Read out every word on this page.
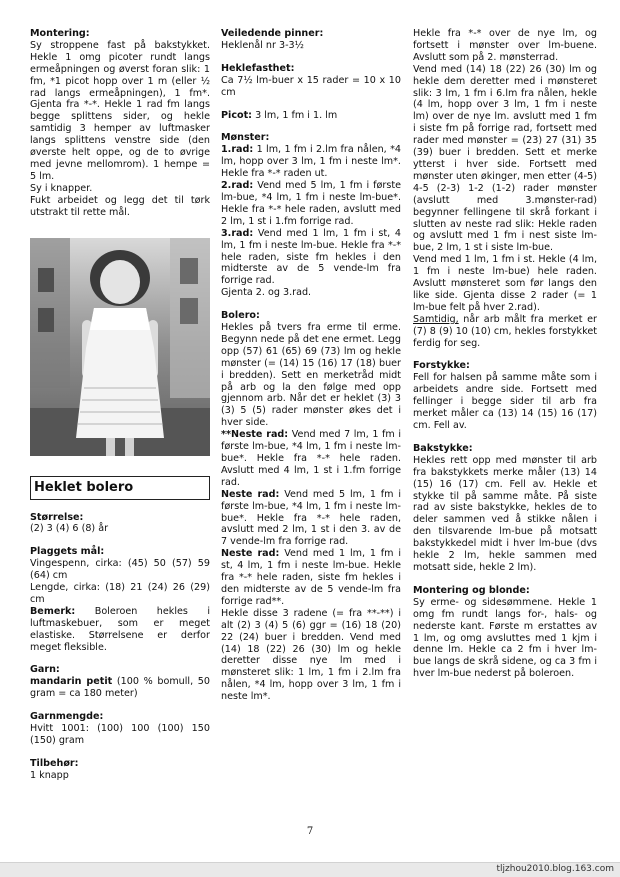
Montering:

Sy stroppene fast på bakstykket. Hekle 1 omg picoter rundt langs ermeåpningen og øverst foran slik: 1 fm, *1 picot hopp over 1 m (eller ½ rad langs ermeåpningen), 1 fm*. Gjenta fra *-*. Hekle 1 rad fm langs begge splittens sider, og hekle samtidig 3 hemper av luftmasker langs splittens venstre side (den øverste helt oppe, og de to øvrige med jevne mellomrom). 1 hempe = 5 lm.

Sy i knapper.

Fukt arbeidet og legg det til tørk utstrakt til rette mål.

Heklet bolero

Størrelse:

(2) 3 (4) 6 (8) år

Plaggets mål:

Vingespenn, cirka: (45) 50 (57) 59 (64) cm

Lengde, cirka: (18) 21 (24) 26 (29) cm

Bemerk: Boleroen hekles i luftmaskebuer, som er meget elastiske. Størrelsene er derfor meget fleksible.

Garn:

mandarin petit (100 % bomull, 50 gram = ca 180 meter)

Garnmengde:

Hvitt 1001: (100) 100 (100) 150 (150) gram

Tilbehør:

1 knapp

Veiledende pinner:

Heklenål nr 3-3½

Heklefasthet:

Ca 7½ lm-buer x 15 rader = 10 x 10 cm

Picot: 3 lm, 1 fm i 1. lm

Mønster:

1.rad: 1 lm, 1 fm i 2.lm fra nålen, *4 lm, hopp over 3 lm, 1 fm i neste lm*. Hekle fra *-* raden ut.

2.rad: Vend med 5 lm, 1 fm i første lm-bue, *4 lm, 1 fm i neste lm-bue*. Hekle fra *-* hele raden, avslutt med 2 lm, 1 st i 1.fm forrige rad.

3.rad: Vend med 1 lm, 1 fm i st, 4 lm, 1 fm i neste lm-bue. Hekle fra *-* hele raden, siste fm hekles i den midterste av de 5 vende-lm fra forrige rad.

Gjenta 2. og 3.rad.

Bolero:

Hekles på tvers fra erme til erme. Begynn nede på det ene ermet. Legg opp (57) 61 (65) 69 (73) lm og hekle mønster (= (14) 15 (16) 17 (18) buer i bredden). Sett en merketråd midt på arb og la den følge med opp gjennom arb. Når det er heklet (3) 3 (3) 5 (5) rader mønster økes det i hver side.

**Neste rad: Vend med 7 lm, 1 fm i første lm-bue, *4 lm, 1 fm i neste lm-bue*. Hekle fra *-* hele raden. Avslutt med 4 lm, 1 st i 1.fm forrige rad.

Neste rad: Vend med 5 lm, 1 fm i første lm-bue, *4 lm, 1 fm i neste lm-bue*. Hekle fra *-* hele raden, avslutt med 2 lm, 1 st i den 3. av de 7 vende-lm fra forrige rad.

Neste rad: Vend med 1 lm, 1 fm i st, 4 lm, 1 fm i neste lm-bue. Hekle fra *-* hele raden, siste fm hekles i den midterste av de 5 vende-lm fra forrige rad**.

Hekle disse 3 radene (= fra **-**) i alt (2) 3 (4) 5 (6) ggr = (16) 18 (20) 22 (24) buer i bredden. Vend med (14) 18 (22) 26 (30) lm og hekle deretter disse nye lm med i mønsteret slik: 1 lm, 1 fm i 2.lm fra nålen, *4 lm, hopp over 3 lm, 1 fm i neste lm*.

Hekle fra *-* over de nye lm, og fortsett i mønster over lm-buene. Avslutt som på 2. mønsterrad.

Vend med (14) 18 (22) 26 (30) lm og hekle dem deretter med i mønsteret slik: 3 lm, 1 fm i 6.lm fra nålen, hekle (4 lm, hopp over 3 lm, 1 fm i neste lm) over de nye lm. avslutt med 1 fm i siste fm på forrige rad, fortsett med rader med mønster = (23) 27 (31) 35 (39) buer i bredden. Sett et merke ytterst i hver side. Fortsett med mønster uten økinger, men etter (4-5) 4-5 (2-3) 1-2 (1-2) rader mønster (avslutt med 3.mønster-rad) begynner fellingene til skrå forkant i slutten av neste rad slik: Hekle raden og avslutt med 1 fm i nest siste lm-bue, 2 lm, 1 st i siste lm-bue.

Vend med 1 lm, 1 fm i st. Hekle (4 lm, 1 fm i neste lm-bue) hele raden. Avslutt mønsteret som før langs den like side. Gjenta disse 2 rader (= 1 lm-bue felt på hver 2.rad).

Samtidig, når arb målt fra merket er (7) 8 (9) 10 (10) cm, hekles forstykket ferdig for seg.

Forstykke:

Fell for halsen på samme måte som i arbeidets andre side. Fortsett med fellinger i begge sider til arb fra merket måler ca (13) 14 (15) 16 (17) cm. Fell av.

Bakstykke:

Hekles rett opp med mønster til arb fra bakstykkets merke måler (13) 14 (15) 16 (17) cm. Fell av. Hekle et stykke til på samme måte. På siste rad av siste bakstykke, hekles de to deler sammen ved å stikke nålen i den tilsvarende lm-bue på motsatt bakstykkedel midt i hver lm-bue (dvs hekle 2 lm, hekle sammen med motsatt side, hekle 2 lm).

Montering og blonde:

Sy erme- og sidesømmene. Hekle 1 omg fm rundt langs for-, hals- og nederste kant. Første m erstattes av 1 lm, og omg avsluttes med 1 kjm i denne lm. Hekle ca 2 fm i hver lm-bue langs de skrå sidene, og ca 3 fm i hver lm-bue nederst på boleroen.

7
tljzhou2010.blog.163.com
